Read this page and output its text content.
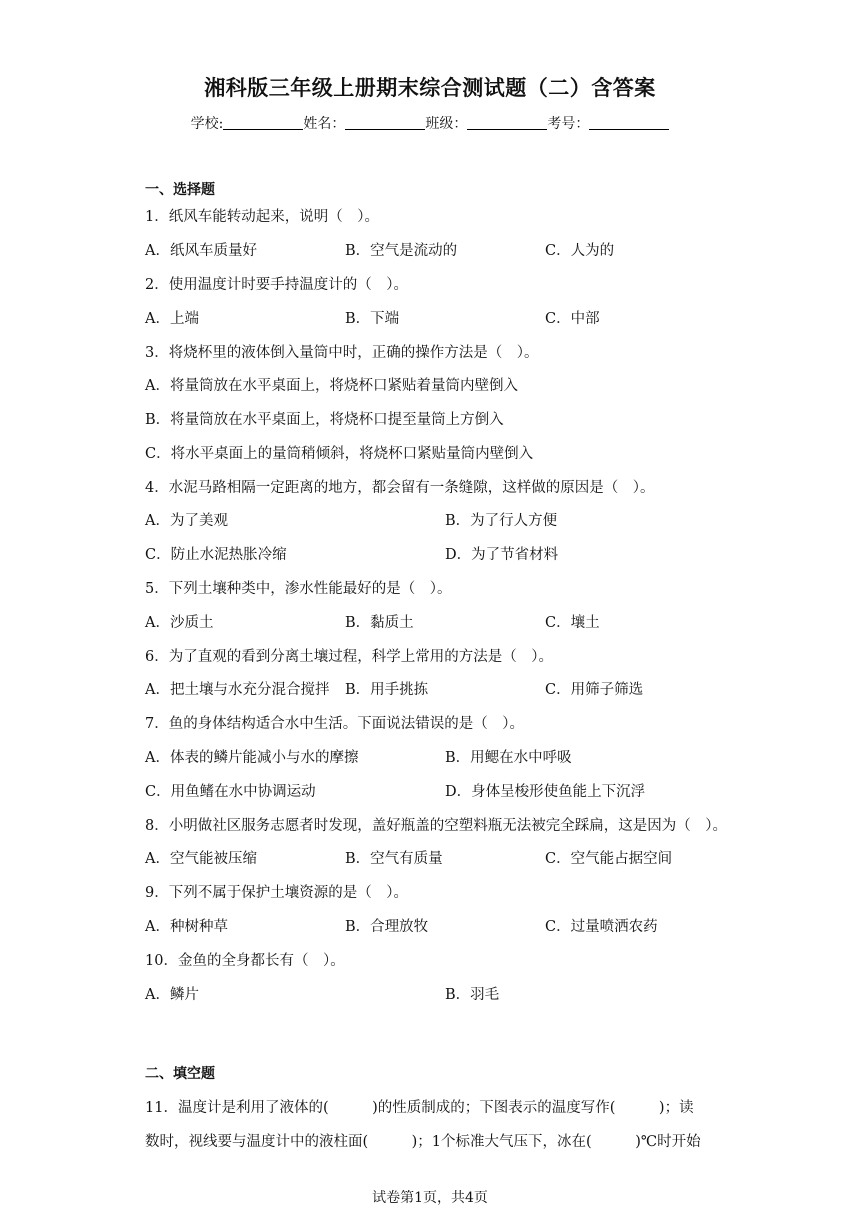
湘科版三年级上册期末综合测试题（二）含答案
学校:	姓名：	班级：	考号：
一、选择题
1．纸风车能转动起来，说明（　）。
A．纸风车质量好	B．空气是流动的	C．人为的
2．使用温度计时要手持温度计的（　）。
A．上端	B．下端	C．中部
3．将烧杯里的液体倒入量筒中时，正确的操作方法是（　）。
A．将量筒放在水平桌面上，将烧杯口紧贴着量筒内壁倒入
B．将量筒放在水平桌面上，将烧杯口提至量筒上方倒入
C．将水平桌面上的量筒稍倾斜，将烧杯口紧贴量筒内壁倒入
4．水泥马路相隔一定距离的地方，都会留有一条缝隙，这样做的原因是（　）。
A．为了美观	B．为了行人方便
C．防止水泥热胀冷缩	D．为了节省材料
5．下列土壤种类中，渗水性能最好的是（　）。
A．沙质土	B．黏质土	C．壤土
6．为了直观的看到分离土壤过程，科学上常用的方法是（　）。
A．把土壤与水充分混合搅拌 B．用手挑拣	C．用筛子筛选
7．鱼的身体结构适合水中生活。下面说法错误的是（　）。
A．体表的鳞片能减小与水的摩擦	B．用鳃在水中呼吸
C．用鱼鳍在水中协调运动	D．身体呈梭形使鱼能上下沉浮
8．小明做社区服务志愿者时发现，盖好瓶盖的空塑料瓶无法被完全踩扁，这是因为（　）。
A．空气能被压缩	B．空气有质量	C．空气能占据空间
9．下列不属于保护土壤资源的是（　）。
A．种树种草	B．合理放牧	C．过量喷洒农药
10．金鱼的全身都长有（　）。
A．鳞片	B．羽毛
二、填空题
11．温度计是利用了液体的(　　　)的性质制成的；下图表示的温度写作(　　　)；读
数时，视线要与温度计中的液柱面(　　　)；1个标准大气压下，冰在(　　　)℃时开始
试卷第1页，共4页
